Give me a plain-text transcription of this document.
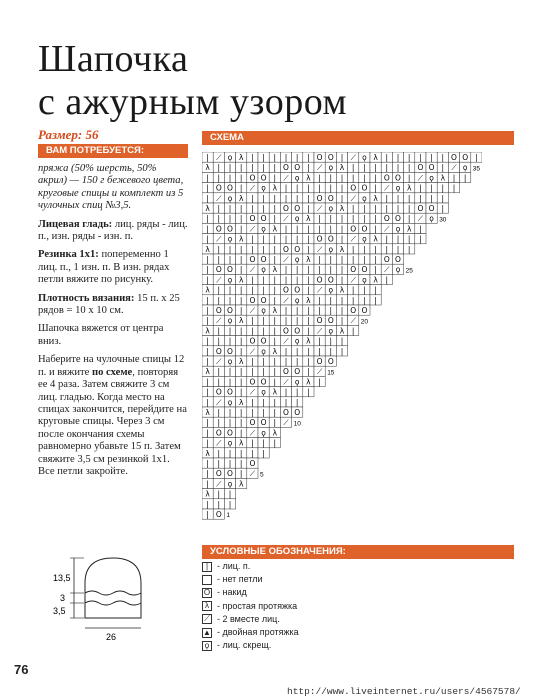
Шапочка
с ажурным узором
Размер: 56
ВАМ ПОТРЕБУЕТСЯ:

пряжа (50% шерсть, 50% акрил) — 150 г бежевого цвета, круговые спицы и комплект из 5 чулочных спиц №3,5.

Лицевая гладь: лиц. ряды - лиц. п., изн. ряды - изн. п.

Резинка 1х1: попеременно 1 лиц. п., 1 изн. п. В изн. рядах петли вяжите по рисунку.

Плотность вязания: 15 п. х 25 рядов = 10 х 10 см.

Шапочка вяжется от центра вниз.

Наберите на чулочные спицы 12 п. и вяжите по схеме, повторяя ее 4 раза. Затем свяжите 3 см лиц. гладью. Когда место на спицах закончится, перейдите на круговые спицы. Через 3 см после окончания схемы равномерно убавьте 15 п. Затем свяжите 3,5 см резинкой 1х1. Все петли закройте.

СХЕМА
| ⟋ ϙ λ | | | | | | O O | ⟋ ϙ λ | | | | | | O O |
λ | | | | | | O O | ⟋ ϙ λ | | | | | | O O | ⟋ ϙ 35
| | | | O O | ⟋ ϙ λ | | | | | | O O | ⟋ ϙ λ | |
| O O | ⟋ ϙ λ | | | | | | O O | ⟋ ϙ λ | | | |
| ⟋ ϙ λ | | | | | | O O | ⟋ ϙ λ | | | | | |
λ | | | | | | O O | ⟋ ϙ λ | | | | | | O O |
| | | | O O | ⟋ ϙ λ | | | | | | O O | ⟋ ϙ 30
| O O | ⟋ ϙ λ | | | | | | O O | ⟋ ϙ λ |
| ⟋ ϙ λ | | | | | | O O | ⟋ ϙ λ | | | |
λ | | | | | | O O | ⟋ ϙ λ | | | | | |
| | | | O O | ⟋ ϙ λ | | | | | | O O
| O O | ⟋ ϙ λ | | | | | | O O | ⟋ ϙ 25
| ⟋ ϙ λ | | | | | | O O | ⟋ ϙ λ |
λ | | | | | | O O | ⟋ ϙ λ | | |
| | | | O O | ⟋ ϙ λ | | | | | |
| O O | ⟋ ϙ λ | | | | | | O O
| ⟋ ϙ λ | | | | | | O O | ⟋ 20
λ | | | | | | O O | ⟋ ϙ λ |
| | | | O O | ⟋ ϙ λ | | |
| O O | ⟋ ϙ λ | | | | | |
| ⟋ ϙ λ | | | | | | O O
λ | | | | | | O O | ⟋ 15
| | | | O O | ⟋ ϙ λ |
| O O | ⟋ ϙ λ | | |
| ⟋ ϙ λ | | | | |
λ | | | | | | O O
| | | | O O | ⟋ 10
| O O | ⟋ ϙ λ
| ⟋ ϙ λ | | |
λ | | | | |
| | | | O
| O O | ⟋ 5
| ⟋ ϙ λ
λ | |
| | |
| O 1
13,5
3
3,5
26
УСЛОВНЫЕ ОБОЗНАЧЕНИЯ:
| - лиц. п.
- нет петли
O - накид
λ - простая протяжка
⟋ - 2 вместе лиц.
▲ - двойная протяжка
ϙ - лиц. скрещ.
76
http://www.liveinternet.ru/users/4567578/
